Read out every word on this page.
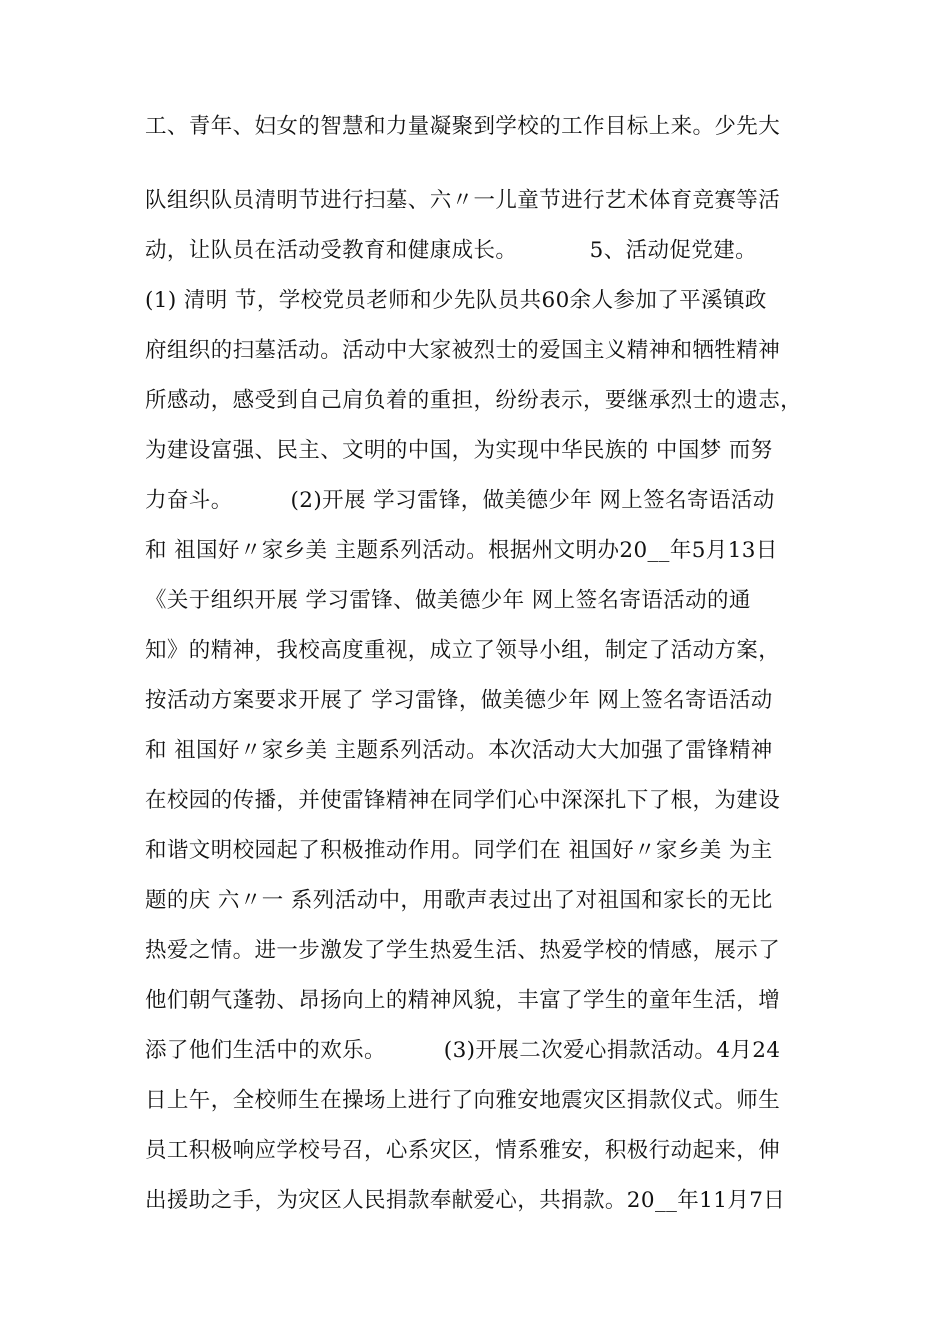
工、青年、妇女的智慧和力量凝聚到学校的工作目标上来。少先大
队组织队员清明节进行扫墓、六〃一儿童节进行艺术体育竞赛等活
动，让队员在活动受教育和健康成长。          5、活动促党建。
(1) 清明 节，学校党员老师和少先队员共60余人参加了平溪镇政
府组织的扫墓活动。活动中大家被烈士的爱国主义精神和牺牲精神
所感动，感受到自己肩负着的重担，纷纷表示，要继承烈士的遗志，
为建设富强、民主、文明的中国，为实现中华民族的 中国梦 而努
力奋斗。        (2)开展 学习雷锋，做美德少年 网上签名寄语活动
和 祖国好〃家乡美 主题系列活动。根据州文明办20__年5月13日
《关于组织开展 学习雷锋、做美德少年 网上签名寄语活动的通
知》的精神，我校高度重视，成立了领导小组，制定了活动方案，
按活动方案要求开展了 学习雷锋，做美德少年 网上签名寄语活动
和 祖国好〃家乡美 主题系列活动。本次活动大大加强了雷锋精神
在校园的传播，并使雷锋精神在同学们心中深深扎下了根，为建设
和谐文明校园起了积极推动作用。同学们在 祖国好〃家乡美 为主
题的庆 六〃一 系列活动中，用歌声表过出了对祖国和家长的无比
热爱之情。进一步激发了学生热爱生活、热爱学校的情感，展示了
他们朝气蓬勃、昂扬向上的精神风貌，丰富了学生的童年生活，增
添了他们生活中的欢乐。        (3)开展二次爱心捐款活动。4月24
日上午，全校师生在操场上进行了向雅安地震灾区捐款仪式。师生
员工积极响应学校号召，心系灾区，情系雅安，积极行动起来，伸
出援助之手，为灾区人民捐款奉献爱心，共捐款。20__年11月7日
